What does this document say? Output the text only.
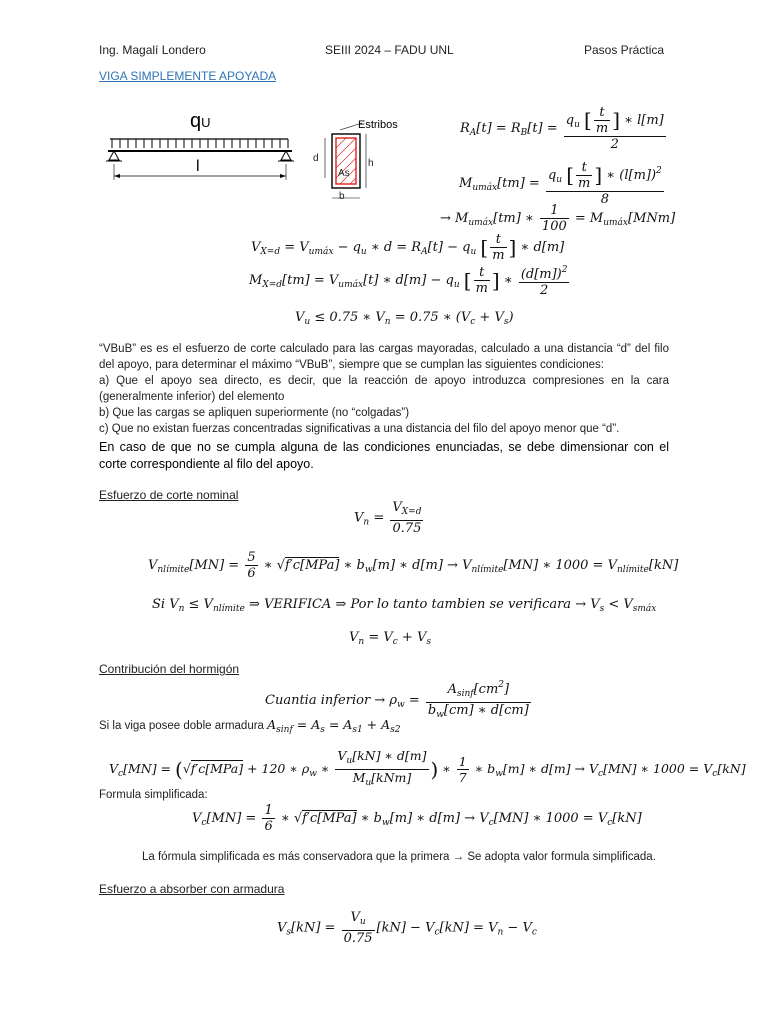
Ing. Magalí Londero	SEIII 2024 – FADU UNL	Pasos Práctica
VIGA SIMPLEMENTE APOYADA
qU
l
Estribos
d	h
b
As
$R_A[t] = R_B[t] = \frac{q_u [ \frac{t}{m} ] ∗ l[m]}{2}$
$M_{umáx}[tm] = \frac{q_u [ \frac{t}{m} ] ∗ (l[m])^2}{8}$
→ $M_{umáx}[tm]$ ∗ $\frac{1}{100} = M_{umáx}[MNm]$
$V_{X=d} = V_{umáx} - q_u$ ∗ $d = R_A[t] - q_u$ [ $\frac{t}{m}$ ] ∗ d[m]
$M_{X=d}[tm] = V_{umáx}[t]$ ∗ $d[m] - q_u$ [ $\frac{t}{m}$ ] ∗ $\frac{(d[m])^2}{2}$
$V_u \le 0.75$ ∗ $V_n = 0.75$ ∗ $(V_c + V_s)$
“VBuB” es es el esfuerzo de corte calculado para las cargas mayoradas, calculado a una distancia “d” del filo del apoyo, para determinar el máximo “VBuB”, siempre que se cumplan las siguientes condiciones:
a) Que el apoyo sea directo, es decir, que la reacción de apoyo introduzca compresiones en la cara (generalmente inferior) del elemento
b) Que las cargas se apliquen superiormente (no “colgadas”)
c) Que no existan fuerzas concentradas significativas a una distancia del filo del apoyo menor que “d”.
En caso de que no se cumpla alguna de las condiciones enunciadas, se debe dimensionar con el corte correspondiente al filo del apoyo.
Esfuerzo de corte nominal
$V_n = \frac{V_{X=d}}{0.75}$
$V_{nlímite}[MN] = \frac{5}{6}$ ∗ √f′c[MPa] ∗ $b_w[m]$ ∗ $d[m] \to V_{nlímite}[MN]$ ∗ $1000 = V_{nlímite}[kN]$
Si $V_n \le V_{nlímite}$ ⇒ VERIFICA ⇒ Por lo tanto tambien se verificara → $V_s < V_{smáx}$
$V_n = V_c + V_s$
Contribución del hormigón
Cuantia inferior → $\rho_w = \frac{A_{sinf}[cm^2]}{b_w[cm] ∗ d[cm]}$
Si la viga posee doble armadura $A_{sinf} = A_s = A_{s1} + A_{s2}$
$V_c[MN] = (√f'c[MPa] + 120$ ∗ $\rho_w$ ∗ $\frac{V_u[kN] ∗ d[m]}{M_u[kNm]}$ ) ∗ $\frac{1}{7}$ ∗ $b_w[m]$ ∗ $d[m] \to V_c[MN]$ ∗ $1000 = V_c[kN]$
Formula simplificada:
$V_c[MN] = \frac{1}{6}$ ∗ √f′c[MPa] ∗ $b_w[m]$ ∗ $d[m] \to V_c[MN]$ ∗ $1000 = V_c[kN]$
La fórmula simplificada es más conservadora que la primera → Se adopta valor formula simplificada.
Esfuerzo a absorber con armadura
$V_s[kN] = \frac{V_u}{0.75} [kN] - V_c[kN] = V_n - V_c$
